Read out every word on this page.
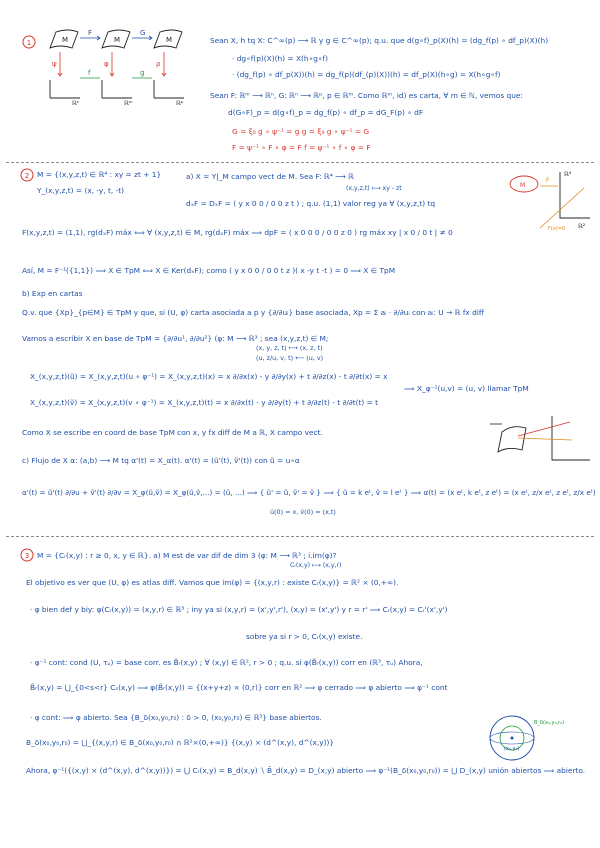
1	M	M	M
F	G
ψ	φ	ρ
ℝⁿ	ℝᵐ	ℝᵖ
f	g
Sean X, h tq X: C^∞(p) ⟶ ℝ y g ∈ C^∞(p); q.u. que d(g∘f)_p(X)(h) = (dg_f(p) ∘ df_p)(X)(h)
· dg∘f(p)(X)(h) = X(h∘g∘f)
· (dg_f(p) ∘ df_p(X))(h) = dg_f(p)(df_(p)(X))(h) = df_p(X)(h∘g) = X(h∘g∘f)
Sean F: ℝᵐ ⟶ ℝⁿ, G: ℝⁿ ⟶ ℝᵖ, p ∈ ℝᵐ. Como ℝᵐ, id) es carta, ∀ m ∈ ℕ, vemos que:
d(G∘F)_p = d(g∘f)_p = dg_f(p) ∘ df_p = dG_F(p) ∘ dF
G = ξ₀ g ∘ ψ⁻¹ = g g = ξ₀ g ∘ ψ⁻¹ = G
F = ψ⁻¹ ∘ F ∘ φ = F f = ψ⁻¹ ∘ f ∘ φ = F
2 M = {(x,y,z,t) ∈ ℝ⁴ : xy = zt + 1}
Y_(x,y,z,t) = (x, -y, t, -t)
a) X = Y|_M campo vect de M. Sea F: ℝ⁴ ⟶ ℝ
(x,y,z,t) ⟼ xy - zt
dₓF = DₓF = ( y x 0 0 / 0 0 z t ) ; q.u. (1,1) valor reg ya ∀ (x,y,z,t) tq
ℝ⁴
ℝ²
M
F
F(x)=0
F(x,y,z,t) = (1,1), rg(dₓF) máx ⟺ ∀ (x,y,z,t) ∈ M, rg(dₓF) máx ⟹ dpF = ( x 0 0 0 / 0 0 z 0 ) rg máx xy | x 0 / 0 t | ≠ 0
Así, M = F⁻¹({1,1}) ⟹ X ∈ TpM ⟺ X ∈ Ker(dₓF); como ( y x 0 0 / 0 0 t z )( x -y t -t ) = 0 ⟹ X ∈ TpM
b) Exp en cartas
Q.v. que {Xp}_{p∈M} ∈ TpM y que, si (U, φ) carta asociada a p y {∂/∂uᵢ} base asociada, Xp = Σ aᵢ · ∂/∂uᵢ con aᵢ: U → ℝ fx diff
Vamos a escribir X en base de TpM = {∂/∂u¹, ∂/∂u²} (φ: M ⟶ ℝ³ ; sea (x,y,z,t) ∈ M;
(x, y, z, t) ⟼ (x, z, t)
(u, z/u, v, t) ⟵ (u, v)
X_(x,y,z,t)(ũ) = X_(x,y,z,t)(u ∘ φ⁻¹) = X_(x,y,z,t)(x) = x ∂/∂x(x) - y ∂/∂y(x) + t ∂/∂z(x) - t ∂/∂t(x) = x
X_(x,y,z,t)(ṽ) = X_(x,y,z,t)(v ∘ φ⁻¹) = X_(x,y,z,t)(t) = x ∂/∂x(t) - y ∂/∂y(t) + t ∂/∂z(t) - t ∂/∂t(t) = t
⟹ X_φ⁻¹(u,v) = (u, v) llamar TpM
Como X se escribe en coord de base TpM con x, y fx diff de M a ℝ, X campo vect.
c) Flujo de X α: (a,b) ⟶ M tq α'(t) = X_α(t). α'(t) = (ũ'(t), ṽ'(t)) con ũ = u∘α
α'(t) = ũ'(t) ∂/∂u + ṽ'(t) ∂/∂v = X_φ(ũ,ṽ) = X_φ(ũ,ṽ,...) = (ũ, ...) ⟹ { ũ' = ũ, ṽ' = ṽ } ⟹ { ũ = k eᵗ, ṽ = l eᵗ } ⟹ α(t) = (x eᵗ, k eᵗ, z eᵗ) = (x eᵗ, z/x eᵗ, z eᵗ, z/x eᵗ)
ũ(0) = x, ṽ(0) = (x,t)
3 M = {Cᵣ(x,y) : r ≥ 0, x, y ∈ ℝ}. a) M est de var dif de dim 3 (φ: M ⟶ ℝ³ ; i.im(φ)?
Cᵣ(x,y) ⟼ (x,y,r)
El objetivo es ver que (U, φ) es atlas diff. Vamos que im(φ) = {(x,y,r) : existe Cᵣ(x,y)} = ℝ² × (0,+∞).
· φ bien def y biy: φ(Cᵣ(x,y)) = (x,y,r) ∈ ℝ³ ; iny ya si (x,y,r) = (x',y',r'), (x,y) = (x',y') y r = r' ⟹ Cᵣ(x,y) = Cᵣ'(x',y')
sobre ya si r > 0, Cᵣ(x,y) existe.
· φ⁻¹ cont: cond (U, τᵤ) = base corr. es B̃ᵣ(x,y) ; ∀ (x,y) ∈ ℝ², r > 0 ; q.u. si φ(B̃ᵣ(x,y)) corr en (ℝ³, τᵤ) Ahora,
B̃ᵣ(x,y) = ⋃_{0<s<r} Cₛ(x,y) ⟹ φ(B̃ᵣ(x,y)) = {(x+y+z) × (0,r)} corr en ℝ² ⟹ φ cerrado ⟹ φ abierto ⟹ φ⁻¹ cont
· φ cont: ⟹ φ abierto. Sea {B_δ(x₀,y₀,r₀) : δ > 0, (x₀,y₀,r₀) ∈ ℝ³} base abiertos.
B_δ(x₀,y₀,r₀) = ⋃_{(x,y,r) ∈ B_δ(x₀,y₀,r₀) ∩ ℝ²×(0,+∞)} {(x,y) × (d^(x,y), d^(x,y))}
Ahora, φ⁻¹({(x,y) × (d^(x,y), d^(x,y))}) = ⋃ Cᵣ(x,y) = B_d(x,y) ∖ B̄_d(x,y) = D_(x,y) abierto ⟹ φ⁻¹(B_δ(x₀,y₀,r₀)) = ⋃ D_(x,y) unión abiertos ⟹ abierto.
B_δ(x₀,y₀,r₀)
(x₀,y₀)
